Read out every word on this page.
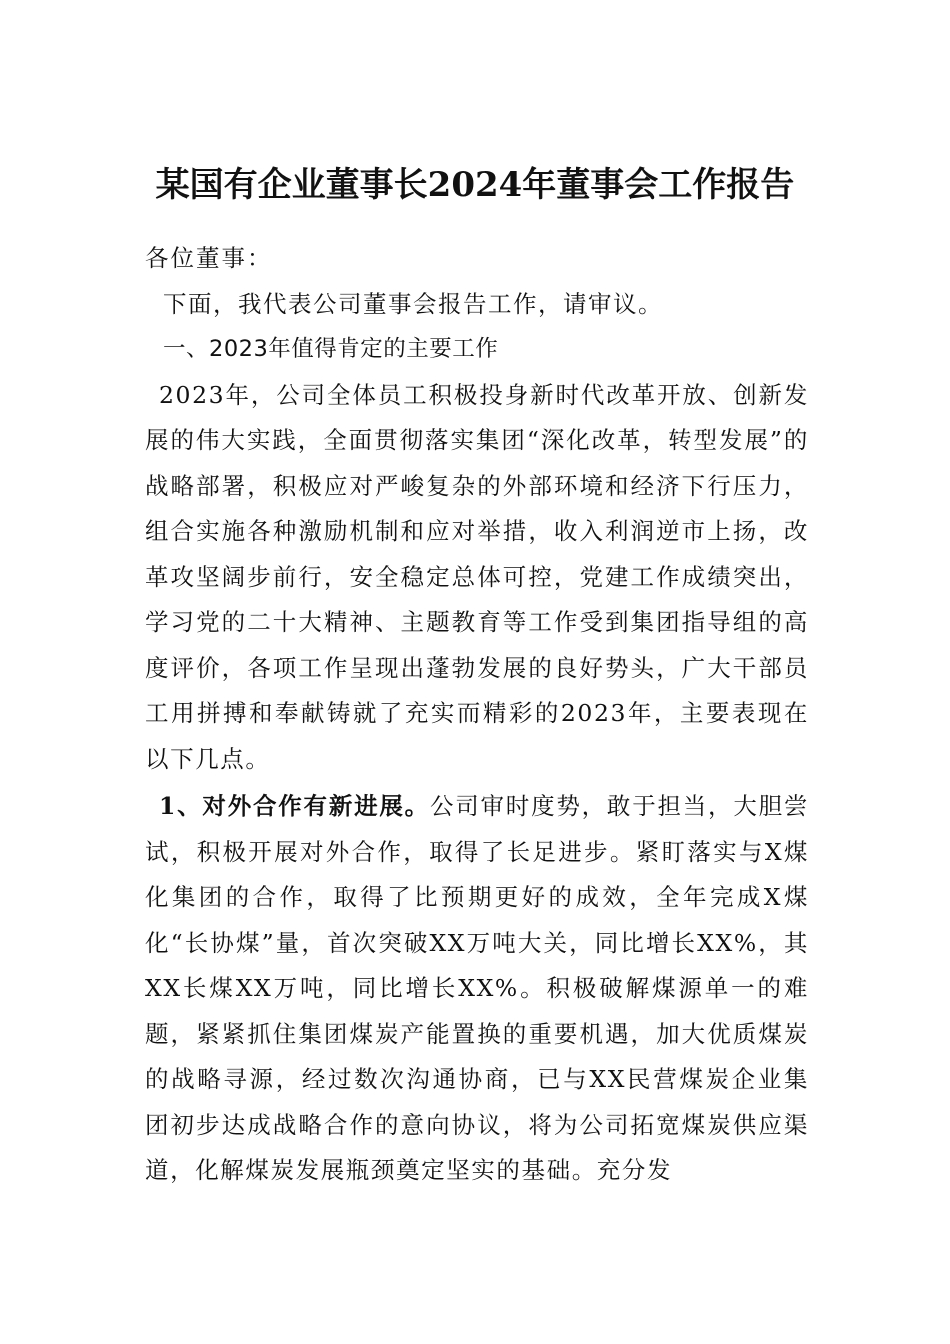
某国有企业董事长2024年董事会工作报告

各位董事：

下面，我代表公司董事会报告工作，请审议。

一、2023年值得肯定的主要工作

2023年，公司全体员工积极投身新时代改革开放、创新发展的伟大实践，全面贯彻落实集团“深化改革，转型发展”的战略部署，积极应对严峻复杂的外部环境和经济下行压力，组合实施各种激励机制和应对举措，收入利润逆市上扬，改革攻坚阔步前行，安全稳定总体可控，党建工作成绩突出，学习党的二十大精神、主题教育等工作受到集团指导组的高度评价，各项工作呈现出蓬勃发展的良好势头，广大干部员工用拼搏和奉献铸就了充实而精彩的2023年，主要表现在以下几点。

1、对外合作有新进展。公司审时度势，敢于担当，大胆尝试，积极开展对外合作，取得了长足进步。紧盯落实与X煤化集团的合作，取得了比预期更好的成效，全年完成X煤化“长协煤”量，首次突破XX万吨大关，同比增长XX%，其XX长煤XX万吨，同比增长XX%。积极破解煤源单一的难题，紧紧抓住集团煤炭产能置换的重要机遇，加大优质煤炭的战略寻源，经过数次沟通协商，已与XX民营煤炭企业集团初步达成战略合作的意向协议，将为公司拓宽煤炭供应渠道，化解煤炭发展瓶颈奠定坚实的基础。充分发
